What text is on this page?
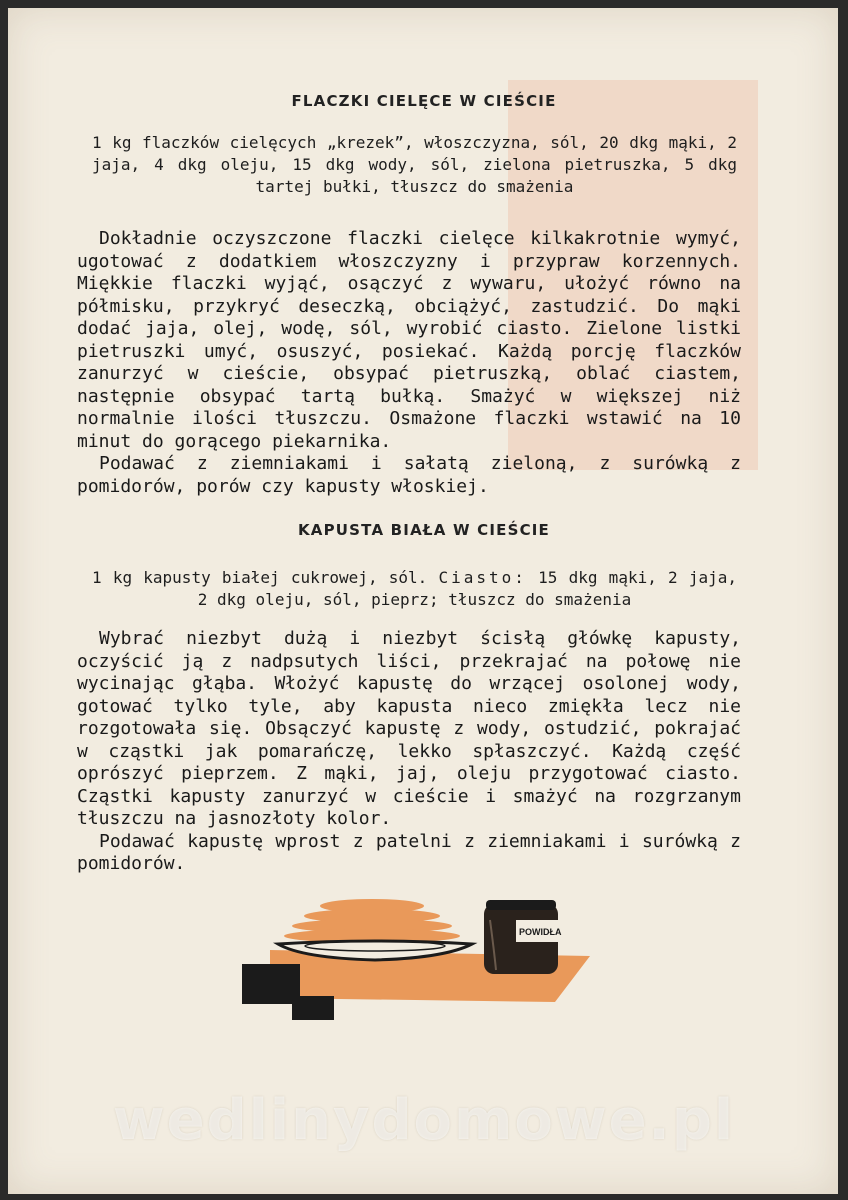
FLACZKI CIELĘCE W CIEŚCIE
1 kg flaczków cielęcych „krezek”, włoszczyzna, sól, 20 dkg mąki, 2 jaja, 4 dkg oleju, 15 dkg wody, sól, zielona pietruszka, 5 dkg tartej bułki, tłuszcz do smażenia

Dokładnie oczyszczone flaczki cielęce kilkakrotnie wymyć, ugotować z dodatkiem włoszczyzny i przypraw korzennych. Miękkie flaczki wyjąć, osączyć z wywaru, ułożyć równo na półmisku, przykryć deseczką, obciążyć, zastudzić. Do mąki dodać jaja, olej, wodę, sól, wyrobić ciasto. Zielone listki pietruszki umyć, osuszyć, posiekać. Każdą porcję flaczków zanurzyć w cieście, obsypać pietruszką, oblać ciastem, następnie obsypać tartą bułką. Smażyć w większej niż normalnie ilości tłuszczu. Osmażone flaczki wstawić na 10 minut do gorącego piekarnika.

Podawać z ziemniakami i sałatą zieloną, z surówką z pomidorów, porów czy kapusty włoskiej.

KAPUSTA BIAŁA W CIEŚCIE
1 kg kapusty białej cukrowej, sól. Ciasto: 15 dkg mąki, 2 jaja, 2 dkg oleju, sól, pieprz; tłuszcz do smażenia

Wybrać niezbyt dużą i niezbyt ścisłą główkę kapusty, oczyścić ją z nadpsutych liści, przekrajać na połowę nie wycinając głąba. Włożyć kapustę do wrzącej osolonej wody, gotować tylko tyle, aby kapusta nieco zmiękła lecz nie rozgotowała się. Obsączyć kapustę z wody, ostudzić, pokrajać w cząstki jak pomarańczę, lekko spłaszczyć. Każdą część oprószyć pieprzem. Z mąki, jaj, oleju przygotować ciasto. Cząstki kapusty zanurzyć w cieście i smażyć na rozgrzanym tłuszczu na jasnozłoty kolor.

Podawać kapustę wprost z patelni z ziemniakami i surówką z pomidorów.

POWIDŁA
wedlinydomowe.pl
